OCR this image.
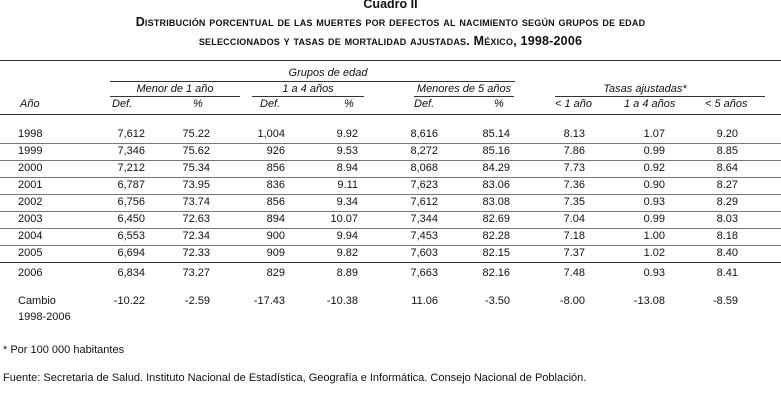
Cuadro II
Distribución porcentual de las muertes por defectos al nacimiento según grupos de edad
seleccionados y tasas de mortalidad ajustadas. México, 1998-2006
Grupos de edad
Menor de 1 año	1 a 4 años	Menores de 5 años	Tasas ajustadas*
Año	Def.	%	Def.	%	Def.	%	< 1 año	1 a 4 años	< 5 años
1998	7,612	75.22	1,004	9.92	8,616	85.14	8.13	1.07	9.20
1999	7,346	75.62	926	9.53	8,272	85.16	7.86	0.99	8.85
2000	7,212	75.34	856	8.94	8,068	84.29	7.73	0.92	8.64
2001	6,787	73.95	836	9.11	7,623	83.06	7.36	0.90	8.27
2002	6,756	73.74	856	9.34	7,612	83.08	7.35	0.93	8.29
2003	6,450	72.63	894	10.07	7,344	82.69	7.04	0.99	8.03
2004	6,553	72.34	900	9.94	7,453	82.28	7.18	1.00	8.18
2005	6,694	72.33	909	9.82	7,603	82.15	7.37	1.02	8.40
2006	6,834	73.27	829	8.89	7,663	82.16	7.48	0.93	8.41
Cambio
1998-2006
-10.22	-2.59	-17.43	-10.38	11.06	-3.50	-8.00	-13.08	-8.59
* Por 100 000 habitantes
Fuente: Secretaria de Salud. Instituto Nacional de Estadística, Geografía e Informática. Consejo Nacional de Población.
